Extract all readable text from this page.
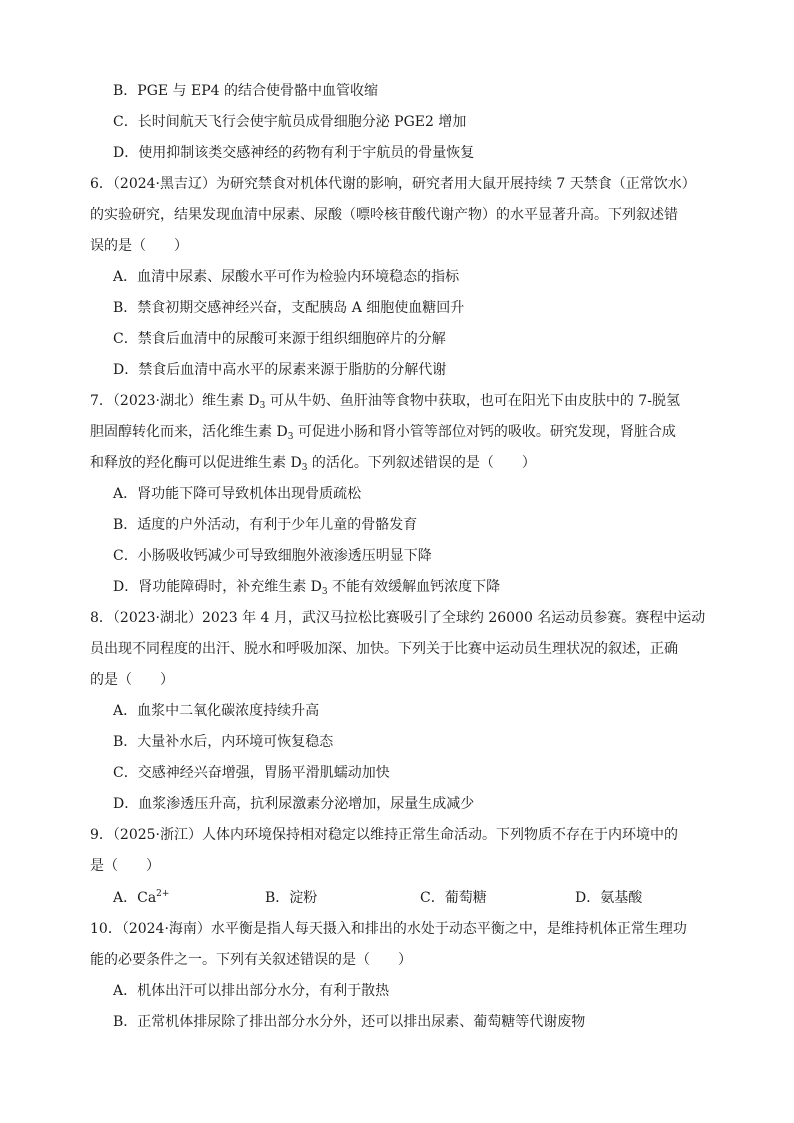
B．PGE 与 EP4 的结合使骨骼中血管收缩
C．长时间航天飞行会使宇航员成骨细胞分泌 PGE2 增加
D．使用抑制该类交感神经的药物有利于宇航员的骨量恢复
6．（2024·黑吉辽）为研究禁食对机体代谢的影响，研究者用大鼠开展持续 7 天禁食（正常饮水）
的实验研究，结果发现血清中尿素、尿酸（嘌呤核苷酸代谢产物）的水平显著升高。下列叙述错
误的是（　　）
A．血清中尿素、尿酸水平可作为检验内环境稳态的指标
B．禁食初期交感神经兴奋，支配胰岛 A 细胞使血糖回升
C．禁食后血清中的尿酸可来源于组织细胞碎片的分解
D．禁食后血清中高水平的尿素来源于脂肪的分解代谢
7．（2023·湖北）维生素 $D_3$ 可从牛奶、鱼肝油等食物中获取，也可在阳光下由皮肤中的 7-脱氢
胆固醇转化而来，活化维生素 $D_3$ 可促进小肠和肾小管等部位对钙的吸收。研究发现，肾脏合成
和释放的羟化酶可以促进维生素 $D_3$ 的活化。下列叙述错误的是（　　）
A．肾功能下降可导致机体出现骨质疏松
B．适度的户外活动，有利于少年儿童的骨骼发育
C．小肠吸收钙减少可导致细胞外液渗透压明显下降
D．肾功能障碍时，补充维生素 $D_3$ 不能有效缓解血钙浓度下降
8．（2023·湖北）2023 年 4 月，武汉马拉松比赛吸引了全球约 26000 名运动员参赛。赛程中运动
员出现不同程度的出汗、脱水和呼吸加深、加快。下列关于比赛中运动员生理状况的叙述，正确
的是（　　）
A．血浆中二氧化碳浓度持续升高
B．大量补水后，内环境可恢复稳态
C．交感神经兴奋增强，胃肠平滑肌蠕动加快
D．血浆渗透压升高，抗利尿激素分泌增加，尿量生成减少
9．（2025·浙江）人体内环境保持相对稳定以维持正常生命活动。下列物质不存在于内环境中的
是（　　）
A．$Ca^{2+}$	B．淀粉	C．葡萄糖	D．氨基酸
10．（2024·海南）水平衡是指人每天摄入和排出的水处于动态平衡之中，是维持机体正常生理功
能的必要条件之一。下列有关叙述错误的是（　　）
A．机体出汗可以排出部分水分，有利于散热
B．正常机体排尿除了排出部分水分外，还可以排出尿素、葡萄糖等代谢废物
